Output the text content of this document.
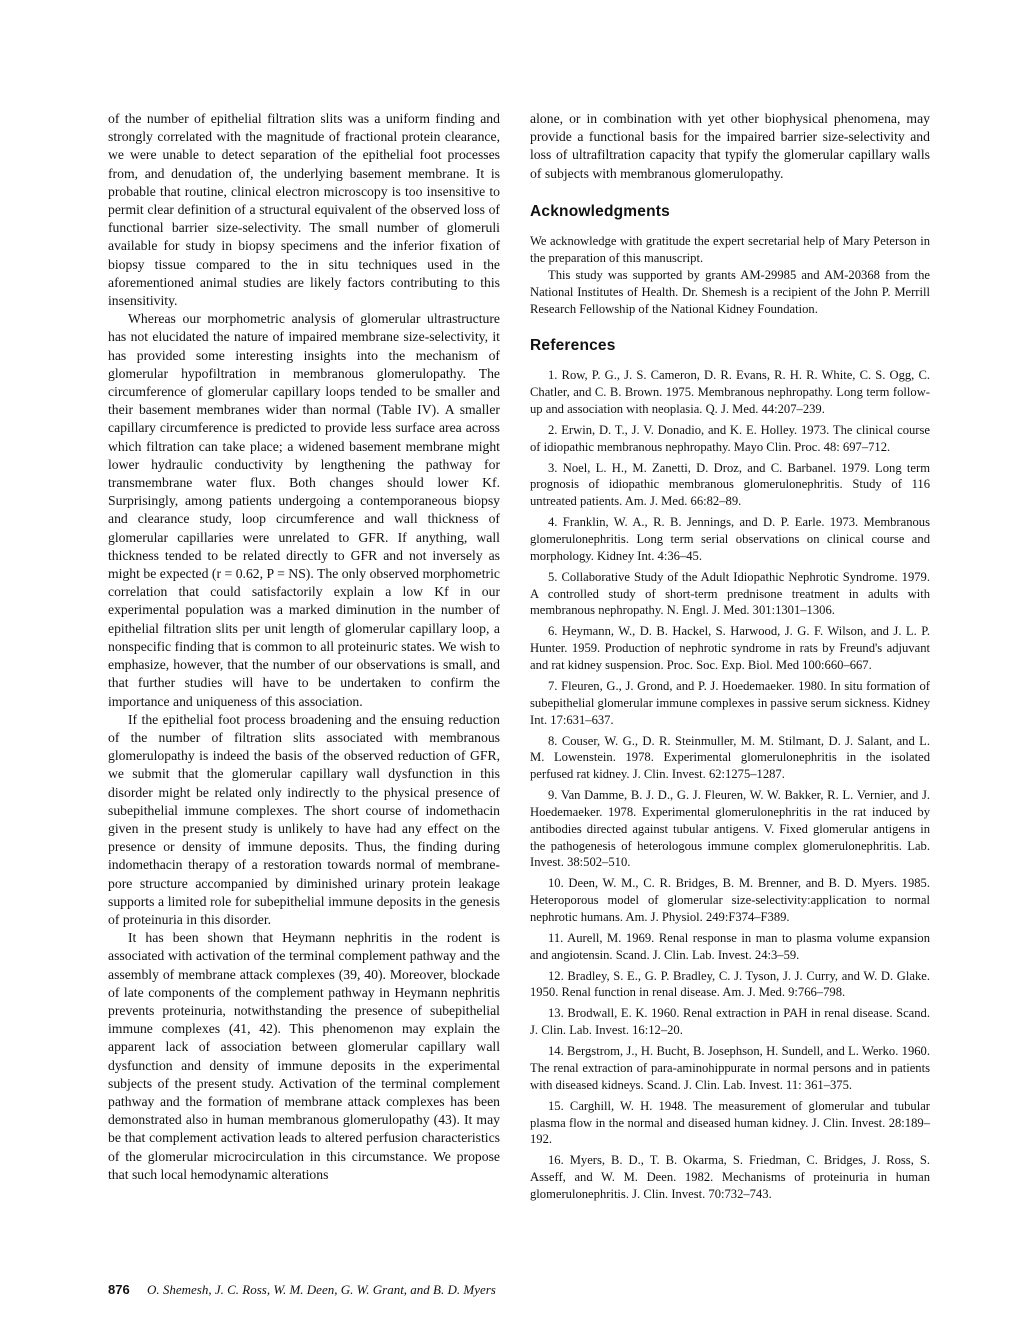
of the number of epithelial filtration slits was a uniform finding and strongly correlated with the magnitude of fractional protein clearance, we were unable to detect separation of the epithelial foot processes from, and denudation of, the underlying basement membrane. It is probable that routine, clinical electron microscopy is too insensitive to permit clear definition of a structural equivalent of the observed loss of functional barrier size-selectivity. The small number of glomeruli available for study in biopsy specimens and the inferior fixation of biopsy tissue compared to the in situ techniques used in the aforementioned animal studies are likely factors contributing to this insensitivity.

Whereas our morphometric analysis of glomerular ultrastructure has not elucidated the nature of impaired membrane size-selectivity, it has provided some interesting insights into the mechanism of glomerular hypofiltration in membranous glomerulopathy. The circumference of glomerular capillary loops tended to be smaller and their basement membranes wider than normal (Table IV). A smaller capillary circumference is predicted to provide less surface area across which filtration can take place; a widened basement membrane might lower hydraulic conductivity by lengthening the pathway for transmembrane water flux. Both changes should lower Kf. Surprisingly, among patients undergoing a contemporaneous biopsy and clearance study, loop circumference and wall thickness of glomerular capillaries were unrelated to GFR. If anything, wall thickness tended to be related directly to GFR and not inversely as might be expected (r = 0.62, P = NS). The only observed morphometric correlation that could satisfactorily explain a low Kf in our experimental population was a marked diminution in the number of epithelial filtration slits per unit length of glomerular capillary loop, a nonspecific finding that is common to all proteinuric states. We wish to emphasize, however, that the number of our observations is small, and that further studies will have to be undertaken to confirm the importance and uniqueness of this association.

If the epithelial foot process broadening and the ensuing reduction of the number of filtration slits associated with membranous glomerulopathy is indeed the basis of the observed reduction of GFR, we submit that the glomerular capillary wall dysfunction in this disorder might be related only indirectly to the physical presence of subepithelial immune complexes. The short course of indomethacin given in the present study is unlikely to have had any effect on the presence or density of immune deposits. Thus, the finding during indomethacin therapy of a restoration towards normal of membrane-pore structure accompanied by diminished urinary protein leakage supports a limited role for subepithelial immune deposits in the genesis of proteinuria in this disorder.

It has been shown that Heymann nephritis in the rodent is associated with activation of the terminal complement pathway and the assembly of membrane attack complexes (39, 40). Moreover, blockade of late components of the complement pathway in Heymann nephritis prevents proteinuria, notwithstanding the presence of subepithelial immune complexes (41, 42). This phenomenon may explain the apparent lack of association between glomerular capillary wall dysfunction and density of immune deposits in the experimental subjects of the present study. Activation of the terminal complement pathway and the formation of membrane attack complexes has been demonstrated also in human membranous glomerulopathy (43). It may be that complement activation leads to altered perfusion characteristics of the glomerular microcirculation in this circumstance. We propose that such local hemodynamic alterations

alone, or in combination with yet other biophysical phenomena, may provide a functional basis for the impaired barrier size-selectivity and loss of ultrafiltration capacity that typify the glomerular capillary walls of subjects with membranous glomerulopathy.

Acknowledgments

We acknowledge with gratitude the expert secretarial help of Mary Peterson in the preparation of this manuscript.

This study was supported by grants AM-29985 and AM-20368 from the National Institutes of Health. Dr. Shemesh is a recipient of the John P. Merrill Research Fellowship of the National Kidney Foundation.

References
1. Row, P. G., J. S. Cameron, D. R. Evans, R. H. R. White, C. S. Ogg, C. Chatler, and C. B. Brown. 1975. Membranous nephropathy. Long term follow-up and association with neoplasia. Q. J. Med. 44:207–239.
2. Erwin, D. T., J. V. Donadio, and K. E. Holley. 1973. The clinical course of idiopathic membranous nephropathy. Mayo Clin. Proc. 48: 697–712.
3. Noel, L. H., M. Zanetti, D. Droz, and C. Barbanel. 1979. Long term prognosis of idiopathic membranous glomerulonephritis. Study of 116 untreated patients. Am. J. Med. 66:82–89.
4. Franklin, W. A., R. B. Jennings, and D. P. Earle. 1973. Membranous glomerulonephritis. Long term serial observations on clinical course and morphology. Kidney Int. 4:36–45.
5. Collaborative Study of the Adult Idiopathic Nephrotic Syndrome. 1979. A controlled study of short-term prednisone treatment in adults with membranous nephropathy. N. Engl. J. Med. 301:1301–1306.
6. Heymann, W., D. B. Hackel, S. Harwood, J. G. F. Wilson, and J. L. P. Hunter. 1959. Production of nephrotic syndrome in rats by Freund's adjuvant and rat kidney suspension. Proc. Soc. Exp. Biol. Med 100:660–667.
7. Fleuren, G., J. Grond, and P. J. Hoedemaeker. 1980. In situ formation of subepithelial glomerular immune complexes in passive serum sickness. Kidney Int. 17:631–637.
8. Couser, W. G., D. R. Steinmuller, M. M. Stilmant, D. J. Salant, and L. M. Lowenstein. 1978. Experimental glomerulonephritis in the isolated perfused rat kidney. J. Clin. Invest. 62:1275–1287.
9. Van Damme, B. J. D., G. J. Fleuren, W. W. Bakker, R. L. Vernier, and J. Hoedemaeker. 1978. Experimental glomerulonephritis in the rat induced by antibodies directed against tubular antigens. V. Fixed glomerular antigens in the pathogenesis of heterologous immune complex glomerulonephritis. Lab. Invest. 38:502–510.
10. Deen, W. M., C. R. Bridges, B. M. Brenner, and B. D. Myers. 1985. Heteroporous model of glomerular size-selectivity:application to normal nephrotic humans. Am. J. Physiol. 249:F374–F389.
11. Aurell, M. 1969. Renal response in man to plasma volume expansion and angiotensin. Scand. J. Clin. Lab. Invest. 24:3–59.
12. Bradley, S. E., G. P. Bradley, C. J. Tyson, J. J. Curry, and W. D. Glake. 1950. Renal function in renal disease. Am. J. Med. 9:766–798.
13. Brodwall, E. K. 1960. Renal extraction in PAH in renal disease. Scand. J. Clin. Lab. Invest. 16:12–20.
14. Bergstrom, J., H. Bucht, B. Josephson, H. Sundell, and L. Werko. 1960. The renal extraction of para-aminohippurate in normal persons and in patients with diseased kidneys. Scand. J. Clin. Lab. Invest. 11: 361–375.
15. Carghill, W. H. 1948. The measurement of glomerular and tubular plasma flow in the normal and diseased human kidney. J. Clin. Invest. 28:189–192.
16. Myers, B. D., T. B. Okarma, S. Friedman, C. Bridges, J. Ross, S. Asseff, and W. M. Deen. 1982. Mechanisms of proteinuria in human glomerulonephritis. J. Clin. Invest. 70:732–743.
876 O. Shemesh, J. C. Ross, W. M. Deen, G. W. Grant, and B. D. Myers
